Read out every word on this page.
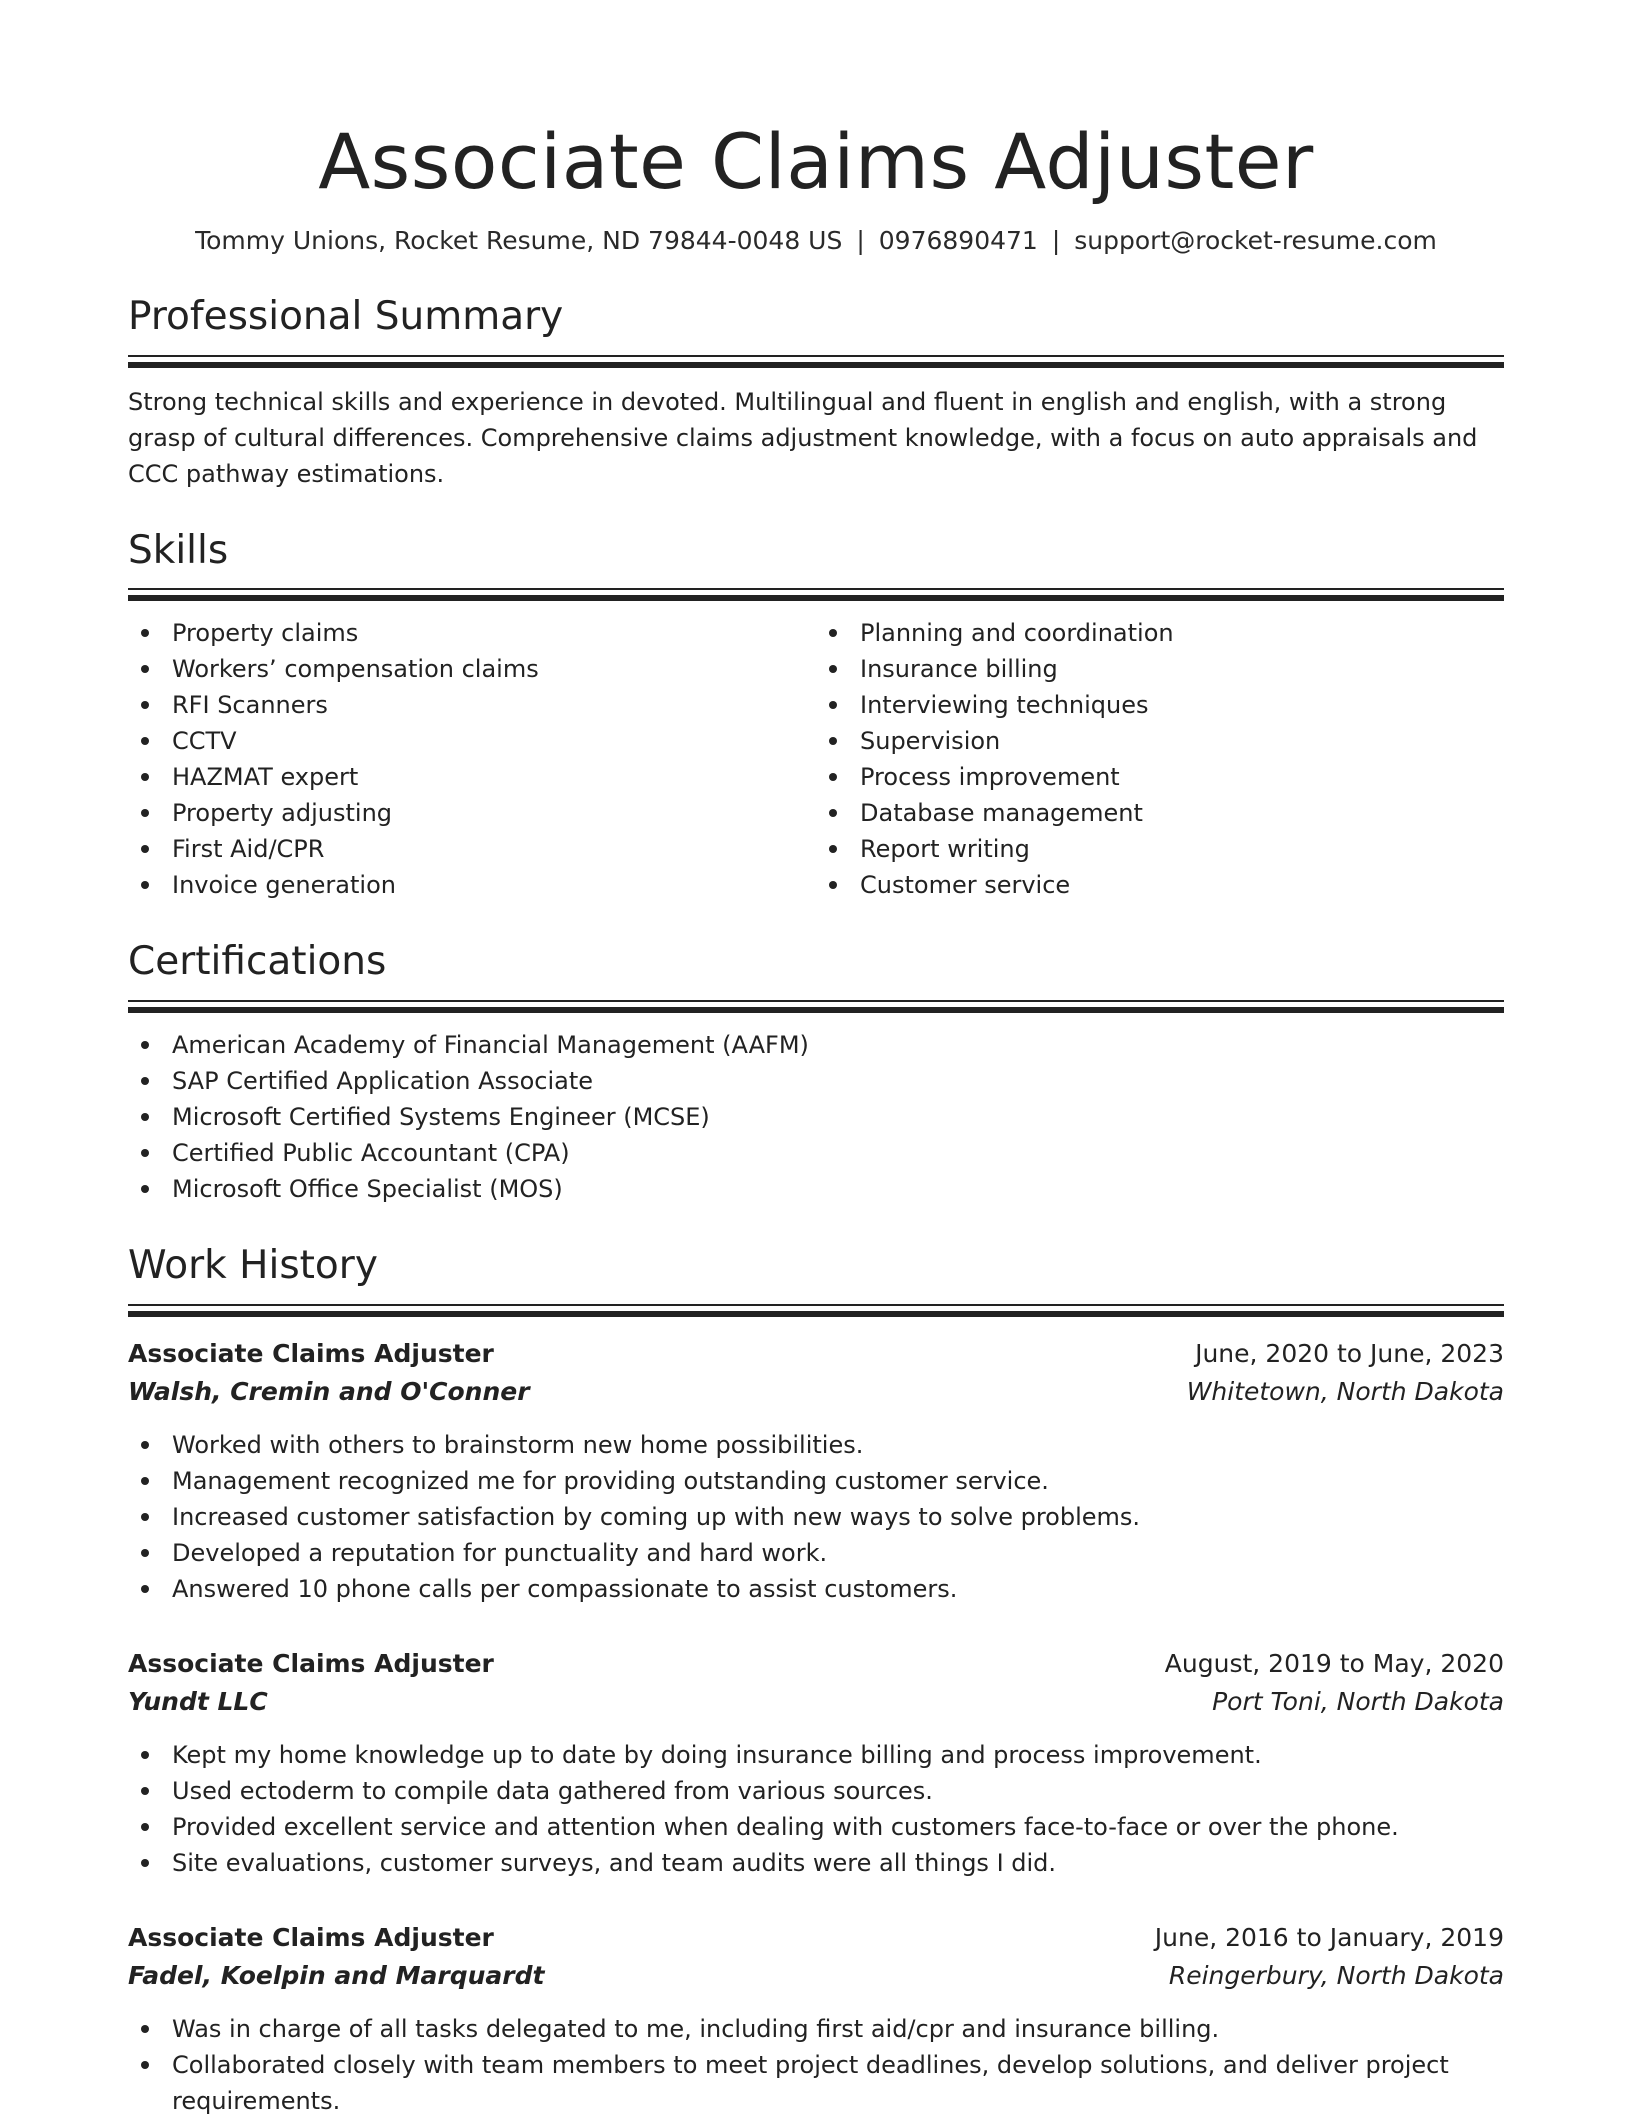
Associate Claims Adjuster
Tommy Unions, Rocket Resume, ND 79844-0048 US | 0976890471 | support@rocket-resume.com
Professional Summary

Strong technical skills and experience in devoted. Multilingual and fluent in english and english, with a strong grasp of cultural differences. Comprehensive claims adjustment knowledge, with a focus on auto appraisals and CCC pathway estimations.

Skills
Property claims
Workers’ compensation claims
RFI Scanners
CCTV
HAZMAT expert
Property adjusting
First Aid/CPR
Invoice generation
Planning and coordination
Insurance billing
Interviewing techniques
Supervision
Process improvement
Database management
Report writing
Customer service
Certifications
American Academy of Financial Management (AAFM)
SAP Certified Application Associate
Microsoft Certified Systems Engineer (MCSE)
Certified Public Accountant (CPA)
Microsoft Office Specialist (MOS)
Work History
Associate Claims Adjuster	June, 2020 to June, 2023
Walsh, Cremin and O'Conner	Whitetown, North Dakota
Worked with others to brainstorm new home possibilities.
Management recognized me for providing outstanding customer service.
Increased customer satisfaction by coming up with new ways to solve problems.
Developed a reputation for punctuality and hard work.
Answered 10 phone calls per compassionate to assist customers.
Associate Claims Adjuster	August, 2019 to May, 2020
Yundt LLC	Port Toni, North Dakota
Kept my home knowledge up to date by doing insurance billing and process improvement.
Used ectoderm to compile data gathered from various sources.
Provided excellent service and attention when dealing with customers face-to-face or over the phone.
Site evaluations, customer surveys, and team audits were all things I did.
Associate Claims Adjuster	June, 2016 to January, 2019
Fadel, Koelpin and Marquardt	Reingerbury, North Dakota
Was in charge of all tasks delegated to me, including first aid/cpr and insurance billing.
Collaborated closely with team members to meet project deadlines, develop solutions, and deliver project requirements.
